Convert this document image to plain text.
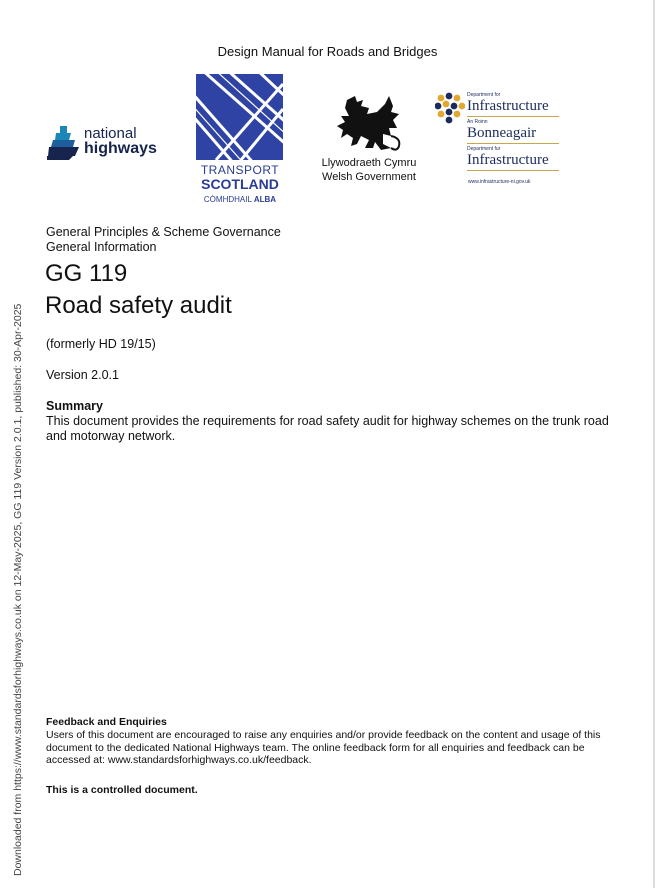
Design Manual for Roads and Bridges
national
highways
TRANSPORT
SCOTLAND
CÒMHDHAIL ALBA
Llywodraeth Cymru
Welsh Government
Department for
Infrastructure
An Roinn
Bonneagair
Department fur
Infrastructure
www.infrastructure-ni.gov.uk
General Principles & Scheme Governance
General Information
GG 119
Road safety audit
(formerly HD 19/15)
Version 2.0.1
Summary
This document provides the requirements for road safety audit for highway schemes on the trunk road and motorway network.
Feedback and Enquiries
Users of this document are encouraged to raise any enquiries and/or provide feedback on the content and usage of this document to the dedicated National Highways team. The online feedback form for all enquiries and feedback can be accessed at: www.standardsforhighways.co.uk/feedback.
This is a controlled document.
Downloaded from https://www.standardsforhighways.co.uk on 12-May-2025, GG 119 Version 2.0.1, published: 30-Apr-2025
